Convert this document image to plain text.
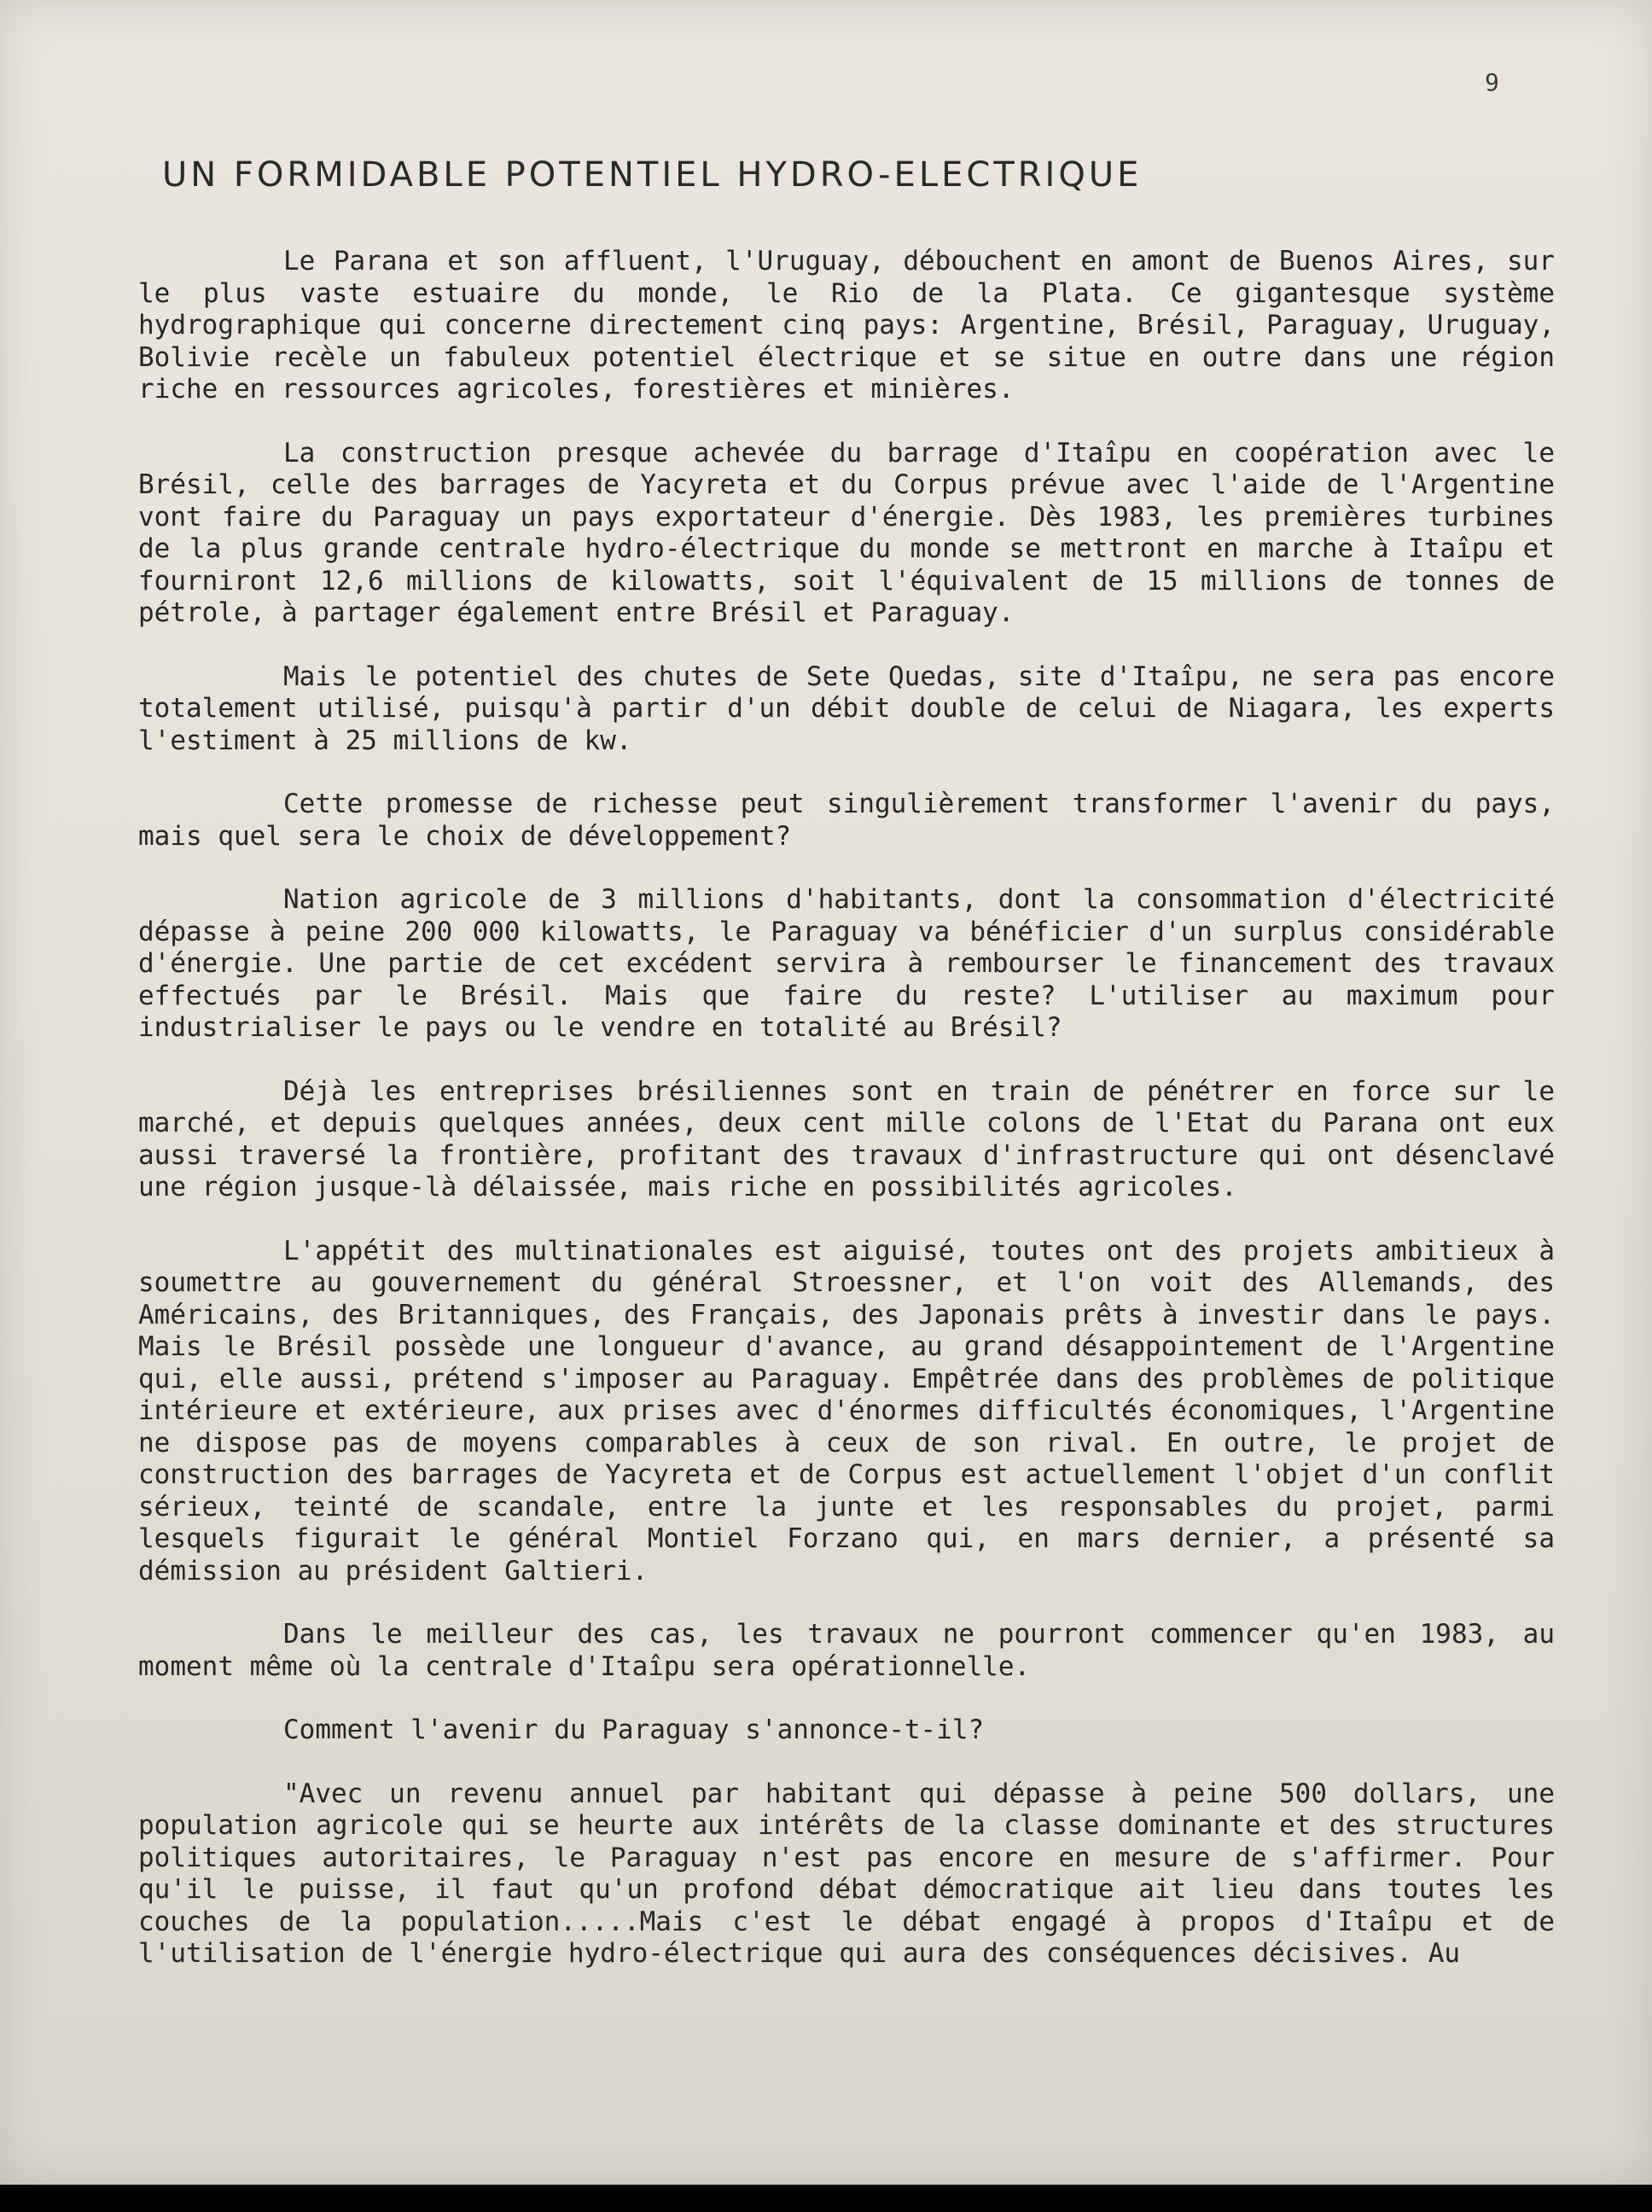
9
UN FORMIDABLE POTENTIEL HYDRO-ELECTRIQUE

Le Parana et son affluent, l'Uruguay, débouchent en amont de Buenos Aires, sur le plus vaste estuaire du monde, le Rio de la Plata. Ce gigantesque système hydrographique qui concerne directement cinq pays: Argentine, Brésil, Paraguay, Uruguay, Bolivie recèle un fabuleux potentiel électrique et se situe en outre dans une région riche en ressources agricoles, forestières et minières.

La construction presque achevée du barrage d'Itaîpu en coopération avec le Brésil, celle des barrages de Yacyreta et du Corpus prévue avec l'aide de l'Argentine vont faire du Paraguay un pays exportateur d'énergie. Dès 1983, les premières turbines de la plus grande centrale hydro-électrique du monde se mettront en marche à Itaîpu et fourniront 12,6 millions de kilowatts, soit l'équivalent de 15 millions de tonnes de pétrole, à partager également entre Brésil et Paraguay.

Mais le potentiel des chutes de Sete Quedas, site d'Itaîpu, ne sera pas encore totalement utilisé, puisqu'à partir d'un débit double de celui de Niagara, les experts l'estiment à 25 millions de kw.

Cette promesse de richesse peut singulièrement transformer l'avenir du pays, mais quel sera le choix de développement?

Nation agricole de 3 millions d'habitants, dont la consommation d'électricité dépasse à peine 200 000 kilowatts, le Paraguay va bénéficier d'un surplus considérable d'énergie. Une partie de cet excédent servira à rembourser le financement des travaux effectués par le Brésil. Mais que faire du reste? L'utiliser au maximum pour industrialiser le pays ou le vendre en totalité au Brésil?

Déjà les entreprises brésiliennes sont en train de pénétrer en force sur le marché, et depuis quelques années, deux cent mille colons de l'Etat du Parana ont eux aussi traversé la frontière, profitant des travaux d'infrastructure qui ont désenclavé une région jusque-là délaissée, mais riche en possibilités agricoles.

L'appétit des multinationales est aiguisé, toutes ont des projets ambitieux à soumettre au gouvernement du général Stroessner, et l'on voit des Allemands, des Américains, des Britanniques, des Français, des Japonais prêts à investir dans le pays. Mais le Brésil possède une longueur d'avance, au grand désappointement de l'Argentine qui, elle aussi, prétend s'imposer au Paraguay. Empêtrée dans des problèmes de politique intérieure et extérieure, aux prises avec d'énormes difficultés économiques, l'Argentine ne dispose pas de moyens comparables à ceux de son rival. En outre, le projet de construction des barrages de Yacyreta et de Corpus est actuellement l'objet d'un conflit sérieux, teinté de scandale, entre la junte et les responsables du projet, parmi lesquels figurait le général Montiel Forzano qui, en mars dernier, a présenté sa démission au président Galtieri.

Dans le meilleur des cas, les travaux ne pourront commencer qu'en 1983, au moment même où la centrale d'Itaîpu sera opérationnelle.

Comment l'avenir du Paraguay s'annonce-t-il?

"Avec un revenu annuel par habitant qui dépasse à peine 500 dollars, une population agricole qui se heurte aux intérêts de la classe dominante et des structures politiques autoritaires, le Paraguay n'est pas encore en mesure de s'affirmer. Pour qu'il le puisse, il faut qu'un profond débat démocratique ait lieu dans toutes les couches de la population.....Mais c'est le débat engagé à propos d'Itaîpu et de l'utilisation de l'énergie hydro-électrique qui aura des conséquences décisives. Au
